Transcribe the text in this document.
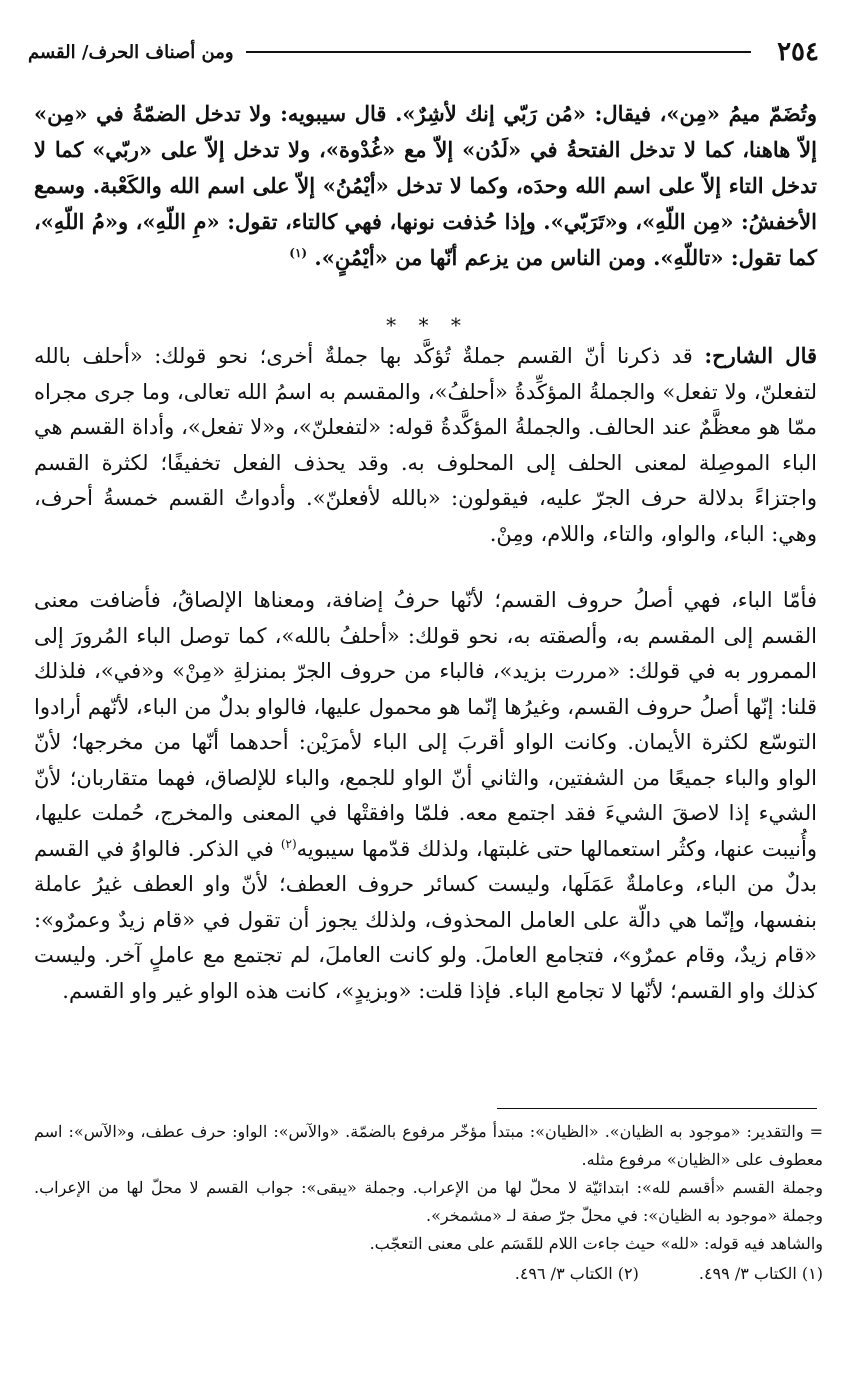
٢٥٤
ومن أصناف الحرف/ القسم

وتُضَمّ ميمُ «مِن»، فيقال: «مُن رَبّي إنك لأشِرٌ». قال سيبويه: ولا تدخل الضمّةُ في «مِن» إلاّ هاهنا، كما لا تدخل الفتحةُ في «لَدُن» إلاّ مع «غُدْوة»، ولا تدخل إلاّ على «ربّي» كما لا تدخل التاء إلاّ على اسم الله وحدَه، وكما لا تدخل «أيْمُنُ» إلاّ على اسم الله والكَعْبة. وسمع الأخفشُ: «مِن اللّهِ»، و«تَرَبّي». وإذا حُذفت نونها، فهي كالتاء، تقول: «مِ اللّهِ»، و«مُ اللّهِ»، كما تقول: «تاللّهِ». ومن الناس من يزعم أنّها من «أيْمُنٍ». $^{(١)}$

* * *

قال الشارح: قد ذكرنا أنّ القسم جملةٌ تُؤكَّد بها جملةٌ أخرى؛ نحو قولك: «أحلف بالله لتفعلنّ، ولا تفعل» والجملةُ المؤكِّدةُ «أحلفُ»، والمقسم به اسمُ الله تعالى، وما جرى مجراه ممّا هو معظَّمٌ عند الحالف. والجملةُ المؤكَّدةُ قوله: «لتفعلنّ»، و«لا تفعل»، وأداة القسم هي الباء الموصِلة لمعنى الحلف إلى المحلوف به. وقد يحذف الفعل تخفيفًا؛ لكثرة القسم واجتزاءً بدلالة حرف الجرّ عليه، فيقولون: «بالله لأفعلنّ». وأدواتُ القسم خمسةُ أحرف، وهي: الباء، والواو، والتاء، واللام، ومِنْ.

فأمّا الباء، فهي أصلُ حروف القسم؛ لأنّها حرفُ إضافة، ومعناها الإلصاقُ، فأضافت معنى القسم إلى المقسم به، وألصقته به، نحو قولك: «أحلفُ بالله»، كما توصل الباء المُرورَ إلى الممرور به في قولك: «مررت بزيد»، فالباء من حروف الجرّ بمنزلةِ «مِنْ» و«في»، فلذلك قلنا: إنّها أصلُ حروف القسم، وغيرُها إنّما هو محمول عليها، فالواو بدلٌ من الباء، لأنّهم أرادوا التوسّع لكثرة الأيمان. وكانت الواو أقربَ إلى الباء لأمرَيْن: أحدهما أنّها من مخرجها؛ لأنّ الواو والباء جميعًا من الشفتين، والثاني أنّ الواو للجمع، والباء للإلصاق، فهما متقاربان؛ لأنّ الشيء إذا لاصقَ الشيءَ فقد اجتمع معه. فلمّا وافقتْها في المعنى والمخرج، حُملت عليها، وأُنيبت عنها، وكثُر استعمالها حتى غلبتها، ولذلك قدّمها سيبويه$^{(٢)}$ في الذكر. فالواوُ في القسم بدلٌ من الباء، وعاملةٌ عَمَلَها، وليست كسائر حروف العطف؛ لأنّ واو العطف غيرُ عاملة بنفسها، وإنّما هي دالّة على العامل المحذوف، ولذلك يجوز أن تقول في «قام زيدٌ وعمرٌو»: «قام زيدٌ، وقام عمرٌو»، فتجامع العاملَ. ولو كانت العاملَ، لم تجتمع مع عاملٍ آخر. وليست كذلك واو القسم؛ لأنّها لا تجامع الباء. فإذا قلت: «وبزيدٍ»، كانت هذه الواو غير واو القسم.

= والتقدير: «موجود به الظيان». «الظيان»: مبتدأ مؤخّر مرفوع بالضمّة. «والآس»: الواو: حرف عطف، و«الآس»: اسم معطوف على «الظيان» مرفوع مثله.

وجملة القسم «أقسم لله»: ابتدائيّة لا محلّ لها من الإعراب. وجملة «يبقى»: جواب القسم لا محلّ لها من الإعراب. وجملة «موجود به الظيان»: في محلّ جرّ صفة لـ «مشمخر».

والشاهد فيه قوله: «لله» حيث جاءت اللام للقَسَم على معنى التعجّب.

(١) الكتاب ٣/ ٤٩٩.
(٢) الكتاب ٣/ ٤٩٦.
